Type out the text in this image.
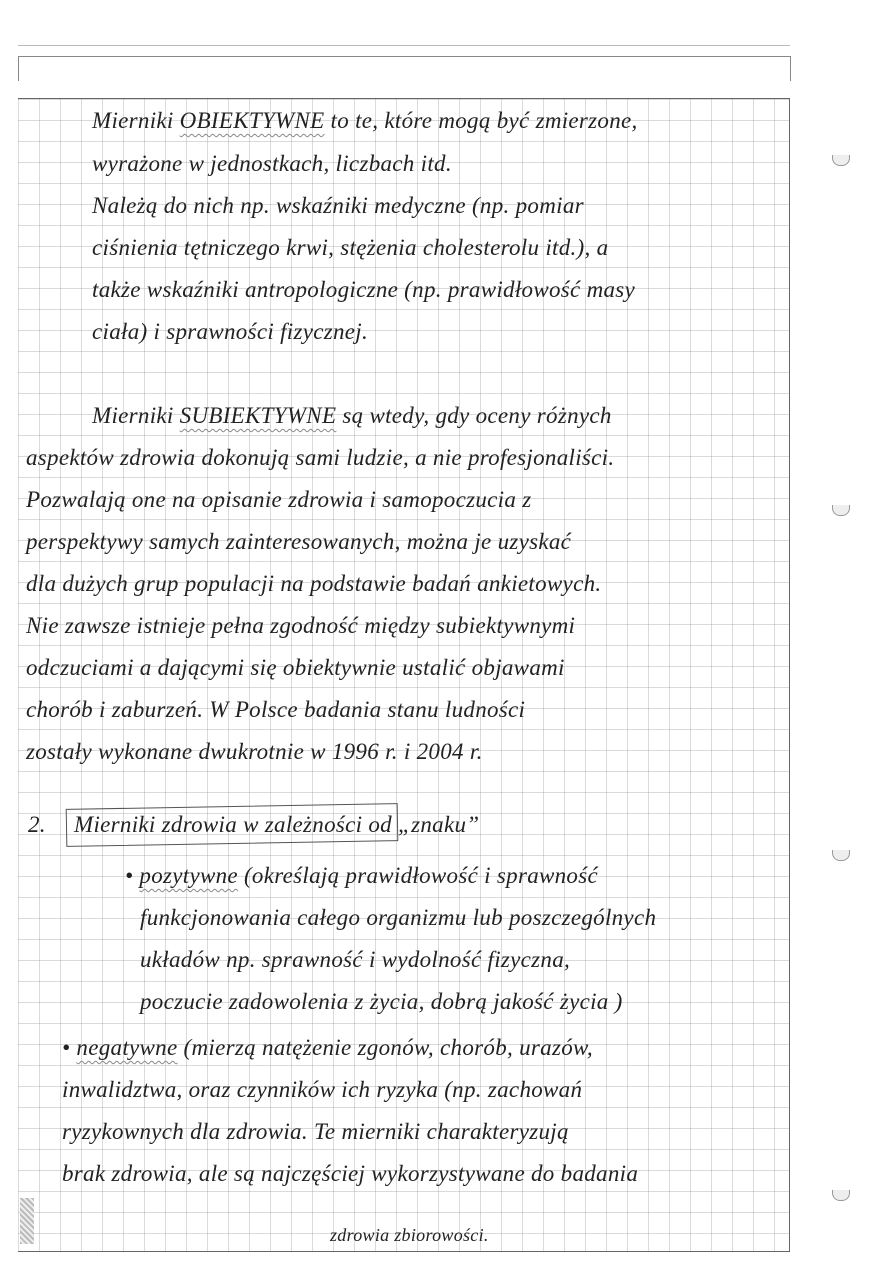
2. Mierniki zdrowia w zależności od „znaku”
Mierniki OBIEKTYWNE to te, które mogą być zmierzone,
wyrażone w jednostkach, liczbach itd.
Należą do nich np. wskaźniki medyczne (np. pomiar
ciśnienia tętniczego krwi, stężenia cholesterolu itd.), a
także wskaźniki antropologiczne (np. prawidłowość masy
ciała) i sprawności fizycznej.
Mierniki SUBIEKTYWNE są wtedy, gdy oceny różnych
aspektów zdrowia dokonują sami ludzie, a nie profesjonaliści.
Pozwalają one na opisanie zdrowia i samopoczucia z
perspektywy samych zainteresowanych, można je uzyskać
dla dużych grup populacji na podstawie badań ankietowych.
Nie zawsze istnieje pełna zgodność między subiektywnymi
odczuciami a dającymi się obiektywnie ustalić objawami
chorób i zaburzeń. W Polsce badania stanu ludności
zostały wykonane dwukrotnie w 1996 r. i 2004 r.
• pozytywne (określają prawidłowość i sprawność
funkcjonowania całego organizmu lub poszczególnych
układów np. sprawność i wydolność fizyczna,
poczucie zadowolenia z życia, dobrą jakość życia )
• negatywne (mierzą natężenie zgonów, chorób, urazów,
inwalidztwa, oraz czynników ich ryzyka (np. zachowań
ryzykownych dla zdrowia. Te mierniki charakteryzują
brak zdrowia, ale są najczęściej wykorzystywane do badania
zdrowia zbiorowości.
